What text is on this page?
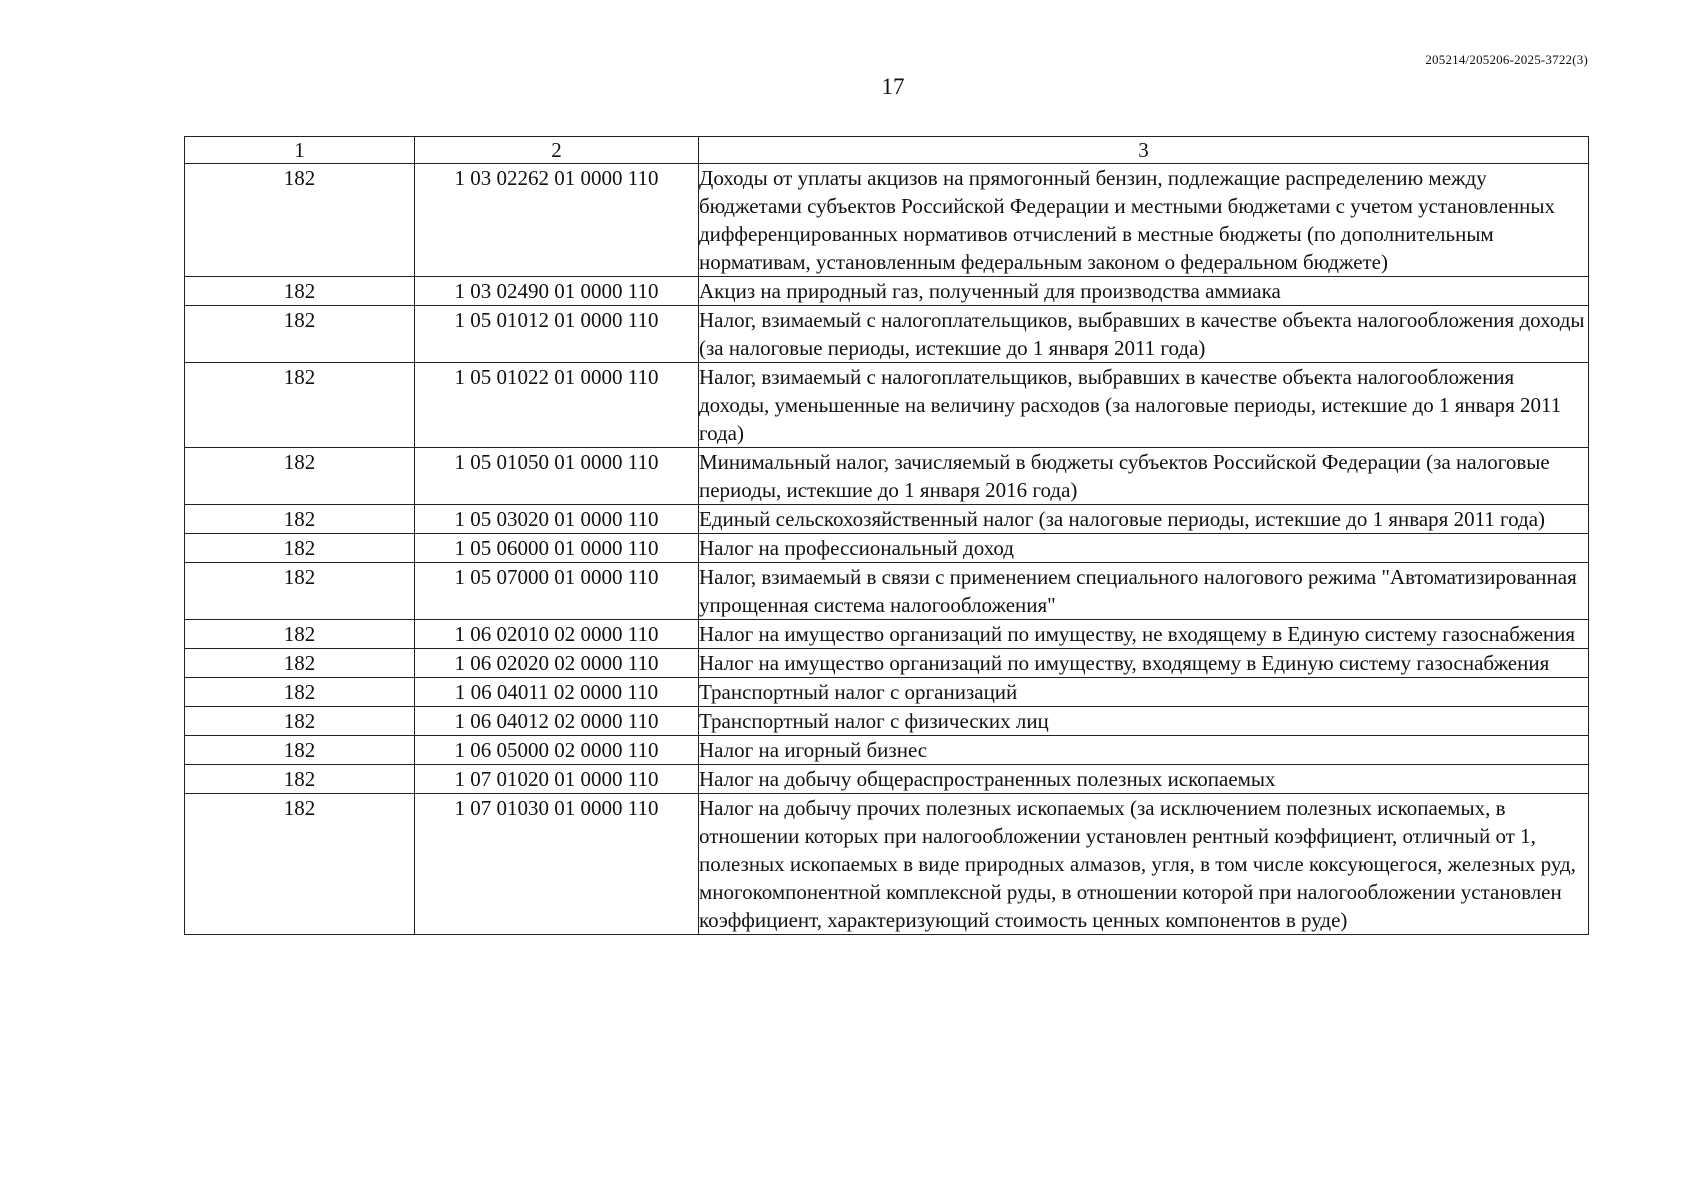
205214/205206-2025-3722(3)
17
1	2	3
182	1 03 02262 01 0000 110	Доходы от уплаты акцизов на прямогонный бензин, подлежащие распределению между бюджетами субъектов Российской Федерации и местными бюджетами с учетом установленных дифференцированных нормативов отчислений в местные бюджеты (по дополнительным нормативам, установленным федеральным законом о федеральном бюджете)
182	1 03 02490 01 0000 110	Акциз на природный газ, полученный для производства аммиака
182	1 05 01012 01 0000 110	Налог, взимаемый с налогоплательщиков, выбравших в качестве объекта налогообложения доходы (за налоговые периоды, истекшие до 1 января 2011 года)
182	1 05 01022 01 0000 110	Налог, взимаемый с налогоплательщиков, выбравших в качестве объекта налогообложения доходы, уменьшенные на величину расходов (за налоговые периоды, истекшие до 1 января 2011 года)
182	1 05 01050 01 0000 110	Минимальный налог, зачисляемый в бюджеты субъектов Российской Федерации (за налоговые периоды, истекшие до 1 января 2016 года)
182	1 05 03020 01 0000 110	Единый сельскохозяйственный налог (за налоговые периоды, истекшие до 1 января 2011 года)
182	1 05 06000 01 0000 110	Налог на профессиональный доход
182	1 05 07000 01 0000 110	Налог, взимаемый в связи с применением специального налогового режима "Автоматизированная упрощенная система налогообложения"
182	1 06 02010 02 0000 110	Налог на имущество организаций по имуществу, не входящему в Единую систему газоснабжения
182	1 06 02020 02 0000 110	Налог на имущество организаций по имуществу, входящему в Единую систему газоснабжения
182	1 06 04011 02 0000 110	Транспортный налог с организаций
182	1 06 04012 02 0000 110	Транспортный налог с физических лиц
182	1 06 05000 02 0000 110	Налог на игорный бизнес
182	1 07 01020 01 0000 110	Налог на добычу общераспространенных полезных ископаемых
182	1 07 01030 01 0000 110	Налог на добычу прочих полезных ископаемых (за исключением полезных ископаемых, в отношении которых при налогообложении установлен рентный коэффициент, отличный от 1, полезных ископаемых в виде природных алмазов, угля, в том числе коксующегося, железных руд, многокомпонентной комплексной руды, в отношении которой при налогообложении установлен коэффициент, характеризующий стоимость ценных компонентов в руде)
